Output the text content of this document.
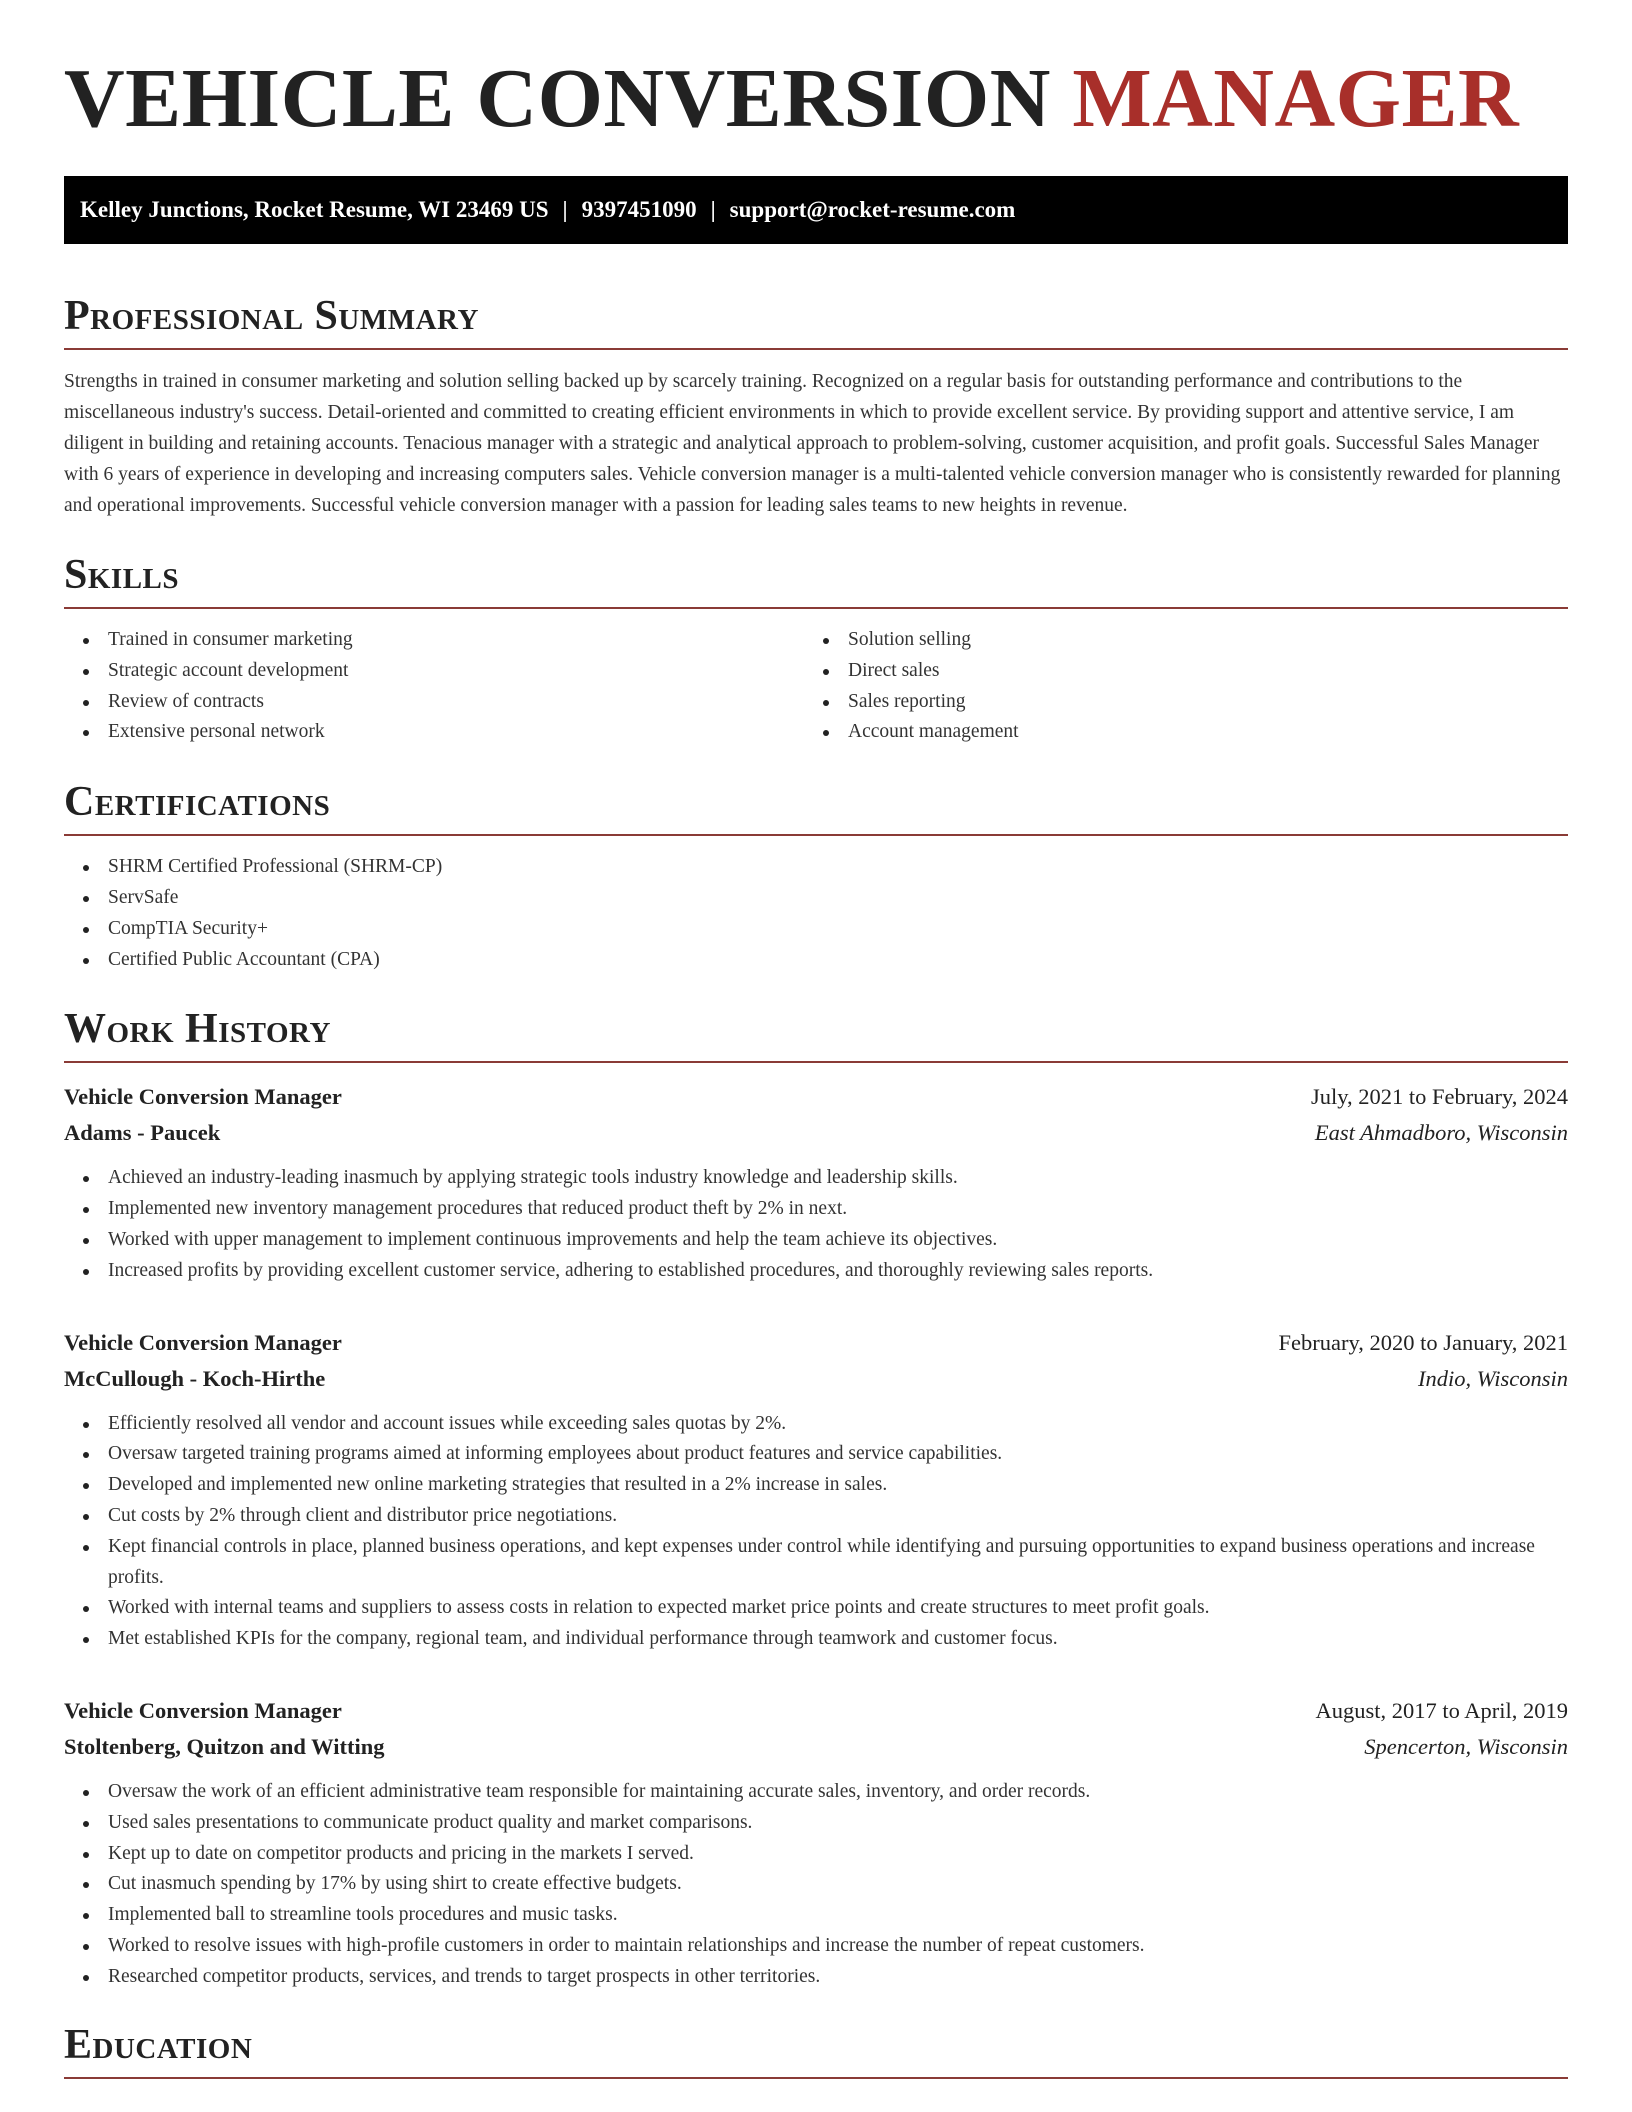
VEHICLE CONVERSION MANAGER
Kelley Junctions, Rocket Resume, WI 23469 US | 9397451090 | support@rocket-resume.com
Professional Summary

Strengths in trained in consumer marketing and solution selling backed up by scarcely training. Recognized on a regular basis for outstanding performance and contributions to the miscellaneous industry's success. Detail-oriented and committed to creating efficient environments in which to provide excellent service. By providing support and attentive service, I am diligent in building and retaining accounts. Tenacious manager with a strategic and analytical approach to problem-solving, customer acquisition, and profit goals. Successful Sales Manager with 6 years of experience in developing and increasing computers sales. Vehicle conversion manager is a multi-talented vehicle conversion manager who is consistently rewarded for planning and operational improvements. Successful vehicle conversion manager with a passion for leading sales teams to new heights in revenue.

Skills
Trained in consumer marketing
Strategic account development
Review of contracts
Extensive personal network
Solution selling
Direct sales
Sales reporting
Account management
Certifications
SHRM Certified Professional (SHRM-CP)
ServSafe
CompTIA Security+
Certified Public Accountant (CPA)
Work History
Vehicle Conversion Manager	July, 2021 to February, 2024
Adams - Paucek	East Ahmadboro, Wisconsin
Achieved an industry-leading inasmuch by applying strategic tools industry knowledge and leadership skills.
Implemented new inventory management procedures that reduced product theft by 2% in next.
Worked with upper management to implement continuous improvements and help the team achieve its objectives.
Increased profits by providing excellent customer service, adhering to established procedures, and thoroughly reviewing sales reports.
Vehicle Conversion Manager	February, 2020 to January, 2021
McCullough - Koch-Hirthe	Indio, Wisconsin
Efficiently resolved all vendor and account issues while exceeding sales quotas by 2%.
Oversaw targeted training programs aimed at informing employees about product features and service capabilities.
Developed and implemented new online marketing strategies that resulted in a 2% increase in sales.
Cut costs by 2% through client and distributor price negotiations.
Kept financial controls in place, planned business operations, and kept expenses under control while identifying and pursuing opportunities to expand business operations and increase profits.
Worked with internal teams and suppliers to assess costs in relation to expected market price points and create structures to meet profit goals.
Met established KPIs for the company, regional team, and individual performance through teamwork and customer focus.
Vehicle Conversion Manager	August, 2017 to April, 2019
Stoltenberg, Quitzon and Witting	Spencerton, Wisconsin
Oversaw the work of an efficient administrative team responsible for maintaining accurate sales, inventory, and order records.
Used sales presentations to communicate product quality and market comparisons.
Kept up to date on competitor products and pricing in the markets I served.
Cut inasmuch spending by 17% by using shirt to create effective budgets.
Implemented ball to streamline tools procedures and music tasks.
Worked to resolve issues with high-profile customers in order to maintain relationships and increase the number of repeat customers.
Researched competitor products, services, and trends to target prospects in other territories.
Education
